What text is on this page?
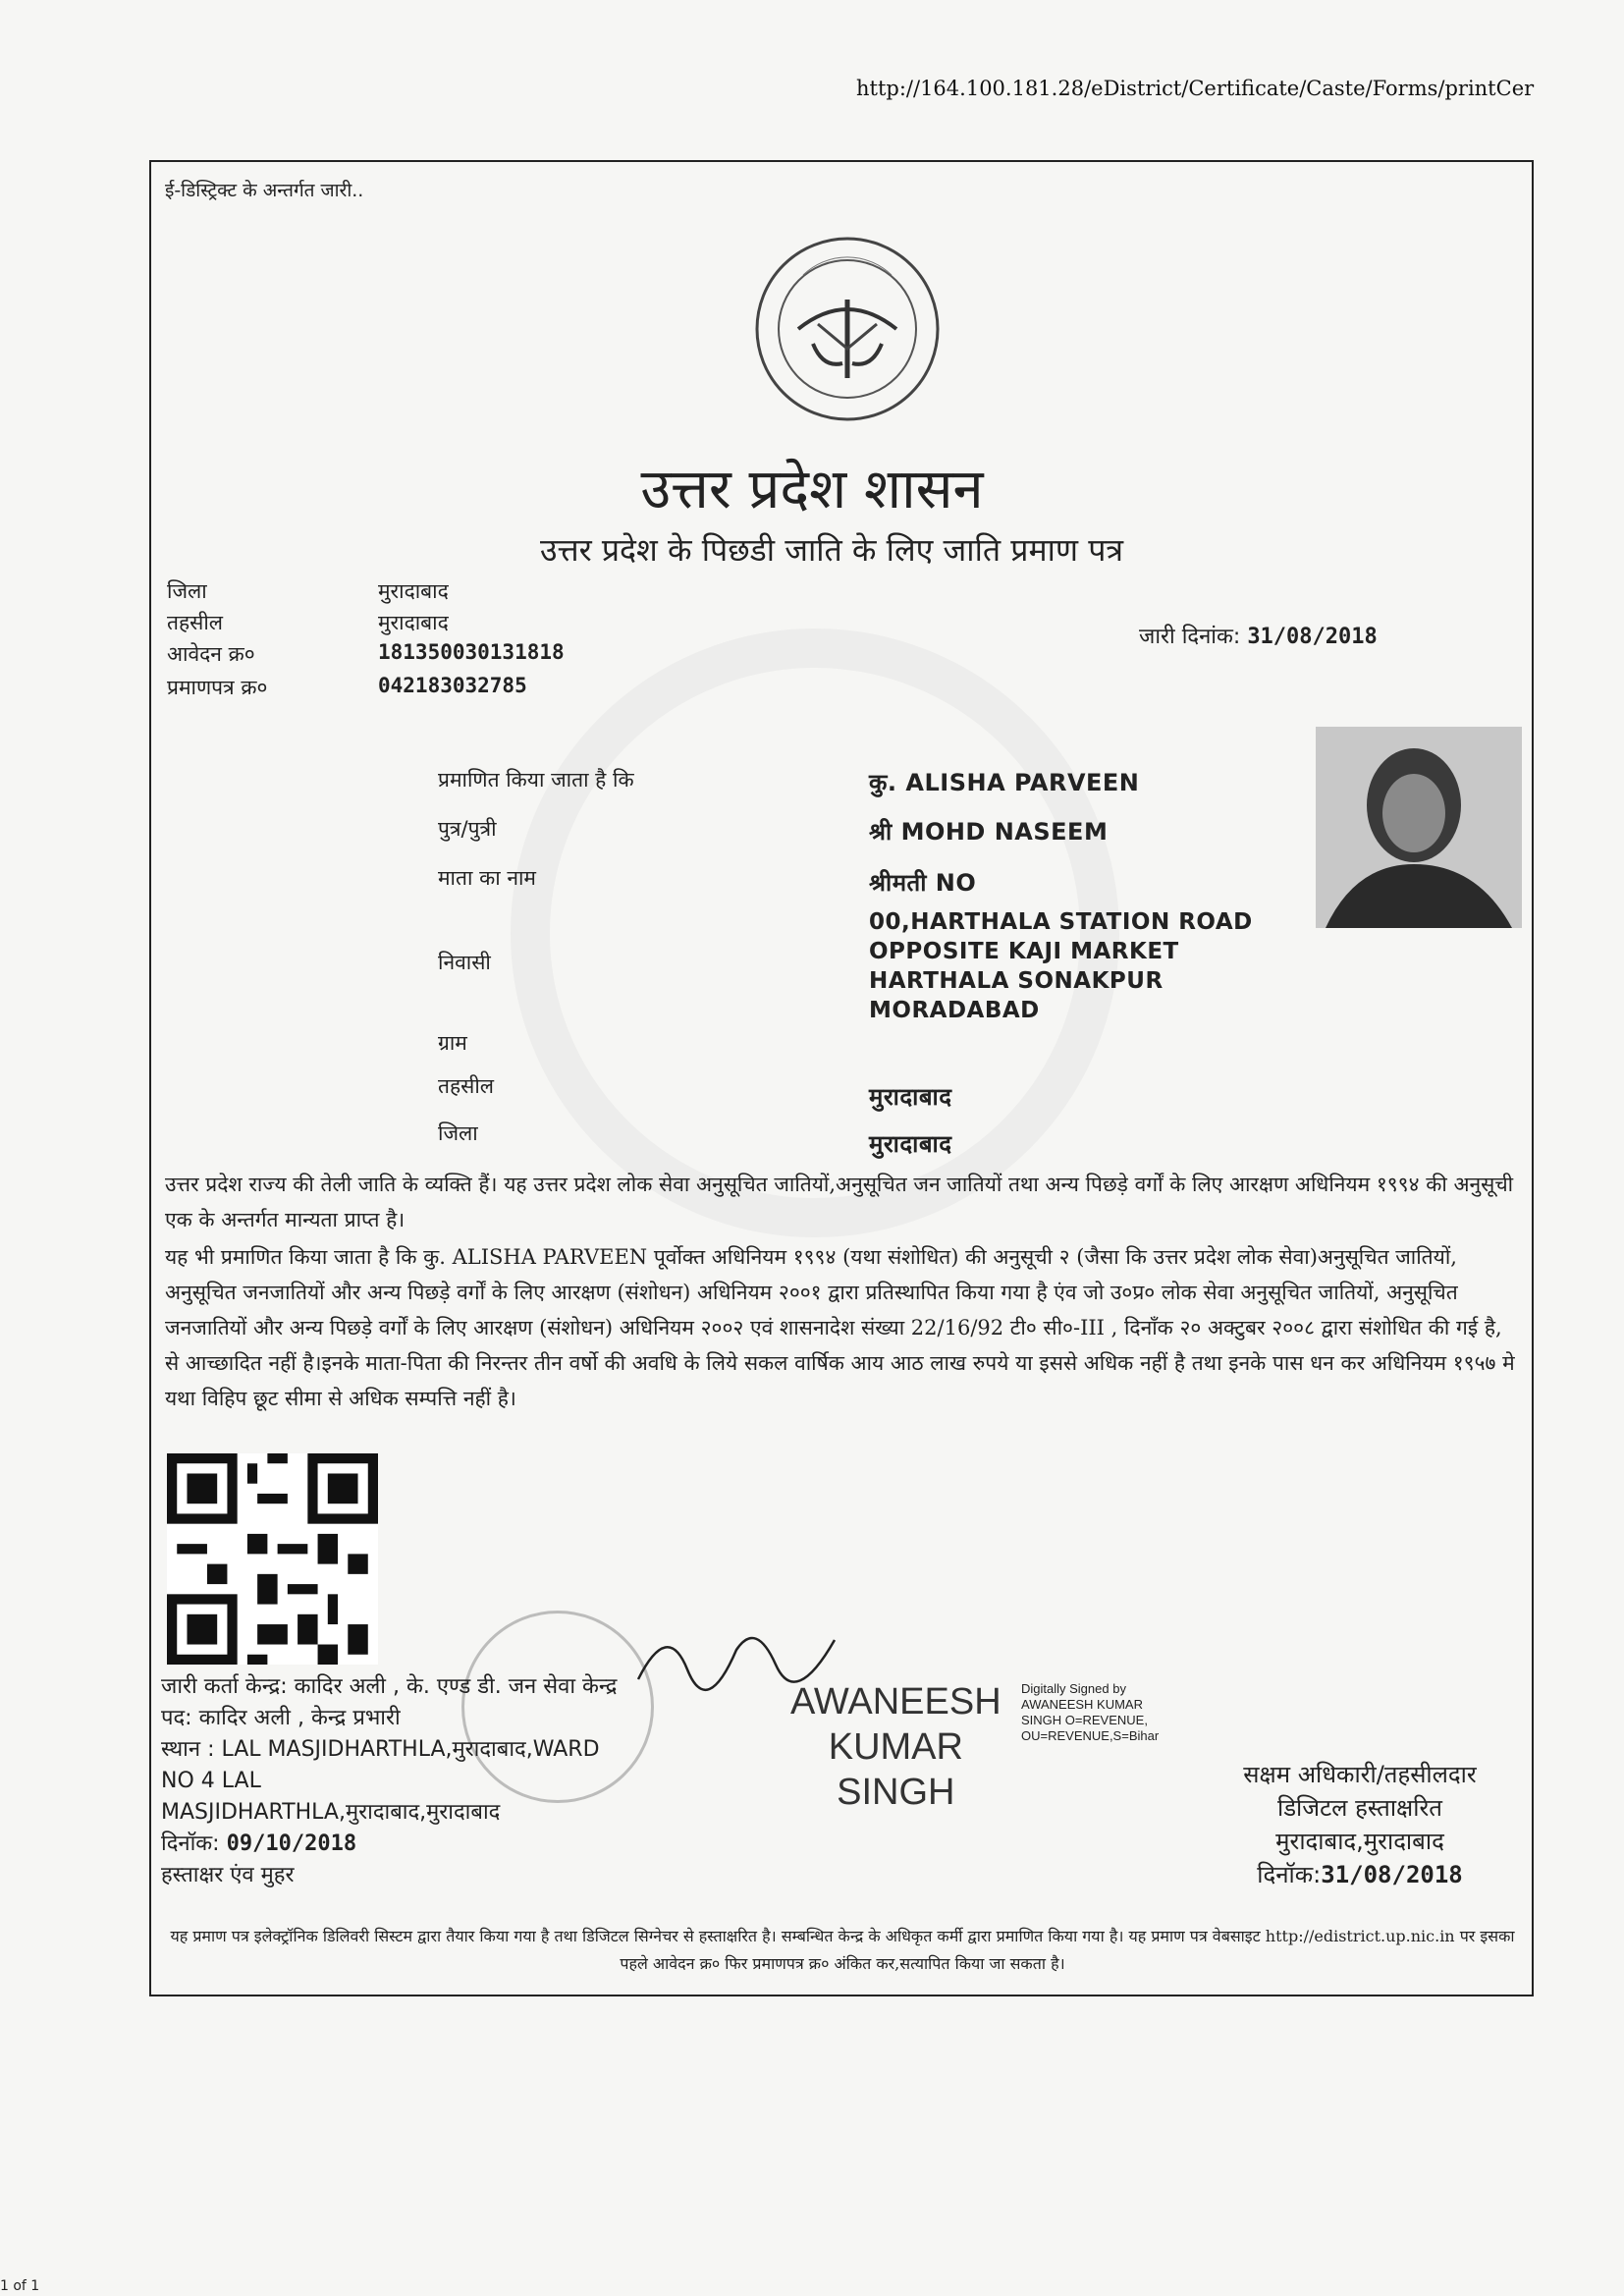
http://164.100.181.28/eDistrict/Certificate/Caste/Forms/printCer
ई-डिस्ट्रिक्ट के अन्तर्गत जारी..
उत्तर प्रदेश शासन
उत्तर प्रदेश के पिछडी जाति के लिए जाति प्रमाण पत्र
जिला	मुरादाबाद
तहसील	मुरादाबाद
आवेदन क्र०	181350030131818
प्रमाणपत्र क्र०	042183032785
जारी दिनांक: 31/08/2018
प्रमाणित किया जाता है कि	कु. ALISHA PARVEEN
पुत्र/पुत्री	श्री MOHD NASEEM
माता का नाम	श्रीमती NO
निवासी
00,HARTHALA STATION ROAD
OPPOSITE KAJI MARKET
HARTHALA SONAKPUR
MORADABAD
ग्राम
तहसील	मुरादाबाद
जिला	मुरादाबाद
उत्तर प्रदेश राज्य की तेली जाति के व्यक्ति हैं। यह उत्तर प्रदेश लोक सेवा अनुसूचित जातियों,अनुसूचित जन जातियों तथा अन्य पिछड़े वर्गों के लिए आरक्षण अधिनियम १९९४ की अनुसूची एक के अन्तर्गत मान्यता प्राप्त है।
यह भी प्रमाणित किया जाता है कि कु. ALISHA PARVEEN पूर्वोक्त अधिनियम १९९४ (यथा संशोधित) की अनुसूची २ (जैसा कि उत्तर प्रदेश लोक सेवा)अनुसूचित जातियों, अनुसूचित जनजातियों और अन्य पिछड़े वर्गों के लिए आरक्षण (संशोधन) अधिनियम २००१ द्वारा प्रतिस्थापित किया गया है एंव जो उ०प्र० लोक सेवा अनुसूचित जातियों, अनुसूचित जनजातियों और अन्य पिछड़े वर्गों के लिए आरक्षण (संशोधन) अधिनियम २००२ एवं शासनादेश संख्या 22/16/92 टी० सी०-III , दिनाँक २० अक्टुबर २००८ द्वारा संशोधित की गई है, से आच्छादित नहीं है।इनके माता-पिता की निरन्तर तीन वर्षो की अवधि के लिये सकल वार्षिक आय आठ लाख रुपये या इससे अधिक नहीं है तथा इनके पास धन कर अधिनियम १९५७ मे यथा विहिप छूट सीमा से अधिक सम्पत्ति नहीं है।
जारी कर्ता केन्द्र: कादिर अली , के. एण्ड डी. जन सेवा केन्द्र
पद: कादिर अली , केन्द्र प्रभारी
स्थान : LAL MASJIDHARTHLA,मुरादाबाद,WARD
NO 4 LAL
MASJIDHARTHLA,मुरादाबाद,मुरादाबाद
दिनॉक: 09/10/2018
हस्ताक्षर एंव मुहर
AWANEESH
KUMAR
SINGH
Digitally Signed by
AWANEESH KUMAR
SINGH O=REVENUE,
OU=REVENUE,S=Bihar
सक्षम अधिकारी/तहसीलदार
डिजिटल हस्ताक्षरित
मुरादाबाद,मुरादाबाद
दिनॉक:31/08/2018
यह प्रमाण पत्र इलेक्ट्रॉनिक डिलिवरी सिस्टम द्वारा तैयार किया गया है तथा डिजिटल सिग्नेचर से हस्ताक्षरित है। सम्बन्धित केन्द्र के अधिकृत कर्मी द्वारा प्रमाणित किया गया है। यह प्रमाण पत्र वेबसाइट http://edistrict.up.nic.in पर इसका पहले आवेदन क्र० फिर प्रमाणपत्र क्र० अंकित कर,सत्यापित किया जा सकता है।
1 of 1
